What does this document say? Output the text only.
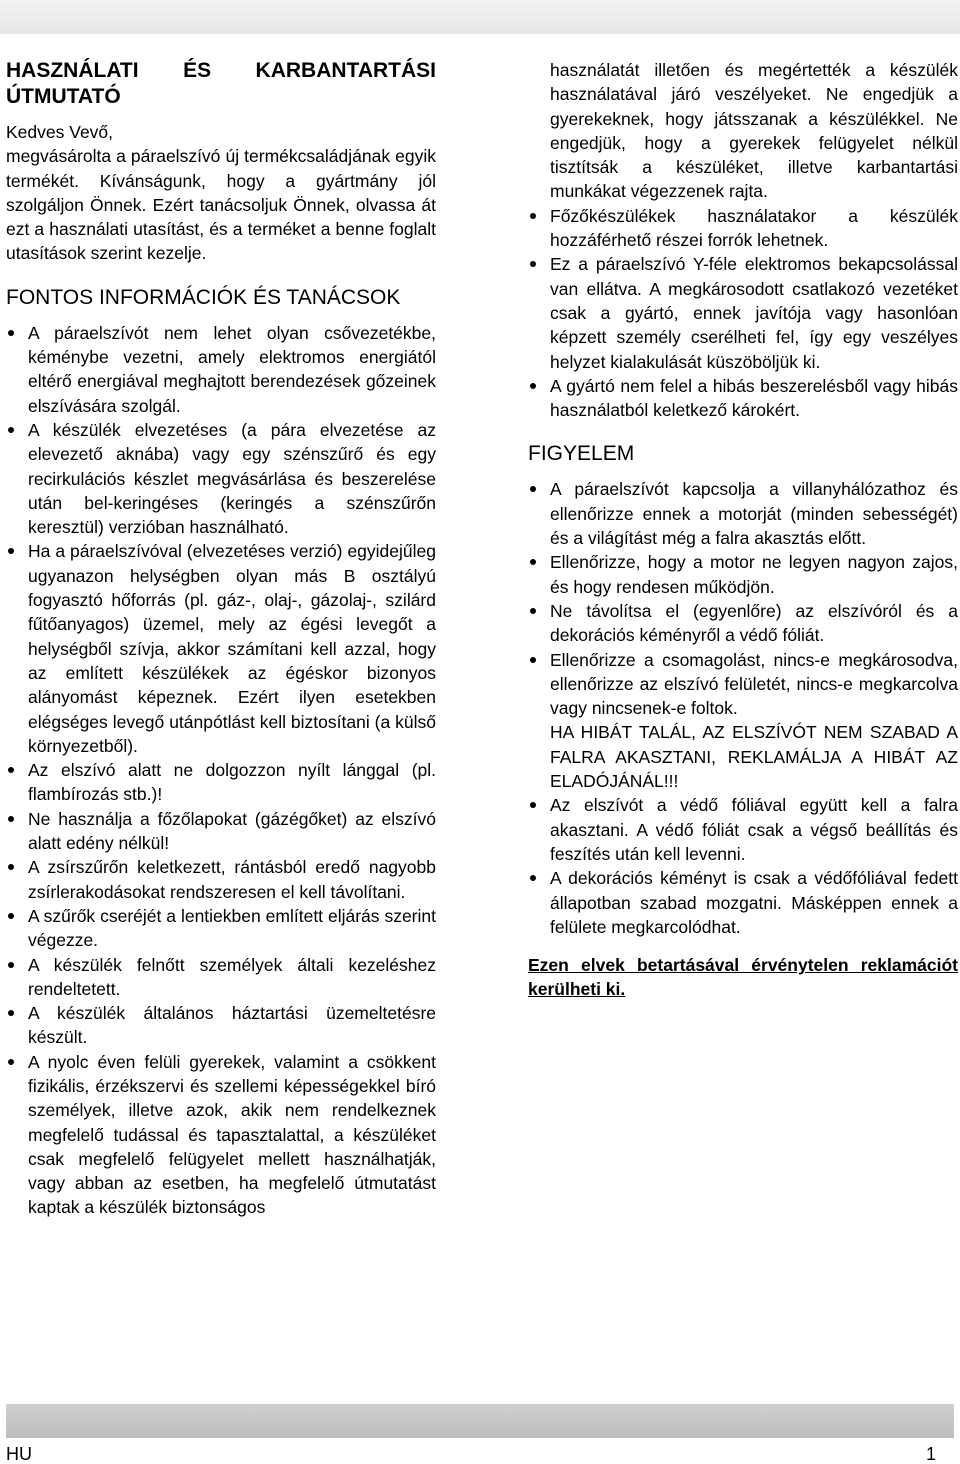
HASZNÁLATI ÉS KARBANTARTÁSI ÚTMUTATÓ

Kedves Vevő,

megvásárolta a páraelszívó új termékcsaládjának egyik termékét. Kívánságunk, hogy a gyártmány jól szolgáljon Önnek. Ezért tanácsoljuk Önnek, olvassa át ezt a használati utasítást, és a terméket a benne foglalt utasítások szerint kezelje.

FONTOS INFORMÁCIÓK ÉS TANÁCSOK

A páraelszívót nem lehet olyan csővezetékbe, kéménybe vezetni, amely elektromos energiától eltérő energiával meghajtott berendezések gőzeinek elszívására szolgál.
A készülék elvezetéses (a pára elvezetése az elevezető aknába) vagy egy szénszűrő és egy recirkulációs készlet megvásárlása és beszerelése után bel-keringéses (keringés a szénszűrőn keresztül) verzióban használható.
Ha a páraelszívóval (elvezetéses verzió) egyidejűleg ugyanazon helységben olyan más B osztályú fogyasztó hőforrás (pl. gáz-, olaj-, gázolaj-, szilárd fűtőanyagos) üzemel, mely az égési levegőt a helységből szívja, akkor számítani kell azzal, hogy az említett készülékek az égéskor bizonyos alányomást képeznek. Ezért ilyen esetekben elégséges levegő utánpótlást kell biztosítani (a külső környezetből).
Az elszívó alatt ne dolgozzon nyílt lánggal (pl. flambírozás stb.)!
Ne használja a főzőlapokat (gázégőket) az elszívó alatt edény nélkül!
A zsírszűrőn keletkezett, rántásból eredő nagyobb zsírlerakodásokat rendszeresen el kell távolítani.
A szűrők cseréjét a lentiekben említett eljárás szerint végezze.
A készülék felnőtt személyek általi kezeléshez rendeltetett.
A készülék általános háztartási üzemeltetésre készült.
A nyolc éven felüli gyerekek, valamint a csökkent fizikális, érzékszervi és szellemi képességekkel bíró személyek, illetve azok, akik nem rendelkeznek megfelelő tudással és tapasztalattal, a készüléket csak megfelelő felügyelet mellett használhatják, vagy abban az esetben, ha megfelelő útmutatást kaptak a készülék biztonságos

használatát illetően és megértették a készülék használatával járó veszélyeket. Ne engedjük a gyerekeknek, hogy játsszanak a készülékkel. Ne engedjük, hogy a gyerekek felügyelet nélkül tisztítsák a készüléket, illetve karbantartási munkákat végezzenek rajta.

Főzőkészülékek használatakor a készülék hozzáférhető részei forrók lehetnek.
Ez a páraelszívó Y-féle elektromos bekapcsolással van ellátva. A megkárosodott csatlakozó vezetéket csak a gyártó, ennek javítója vagy hasonlóan képzett személy cserélheti fel, így egy veszélyes helyzet kialakulását küszöböljük ki.
A gyártó nem felel a hibás beszerelésből vagy hibás használatból keletkező károkért.

FIGYELEM

A páraelszívót kapcsolja a villanyhálózathoz és ellenőrizze ennek a motorját (minden sebességét) és a világítást még a falra akasztás előtt.
Ellenőrizze, hogy a motor ne legyen nagyon zajos, és hogy rendesen működjön.
Ne távolítsa el (egyenlőre) az elszívóról és a dekorációs kéményről a védő fóliát.
Ellenőrizze a csomagolást, nincs-e megkárosodva, ellenőrizze az elszívó felületét, nincs-e megkarcolva vagy nincsenek-e foltok.

HA HIBÁT TALÁL, AZ ELSZÍVÓT NEM SZABAD A FALRA AKASZTANI, REKLAMÁLJA A HIBÁT AZ ELADÓJÁNÁL!!!

Az elszívót a védő fóliával együtt kell a falra akasztani. A védő fóliát csak a végső beállítás és feszítés után kell levenni.
A dekorációs kéményt is csak a védőfóliával fedett állapotban szabad mozgatni. Másképpen ennek a felülete megkarcolódhat.

Ezen elvek betartásával érvénytelen reklamációt kerülheti ki.

HU	1
